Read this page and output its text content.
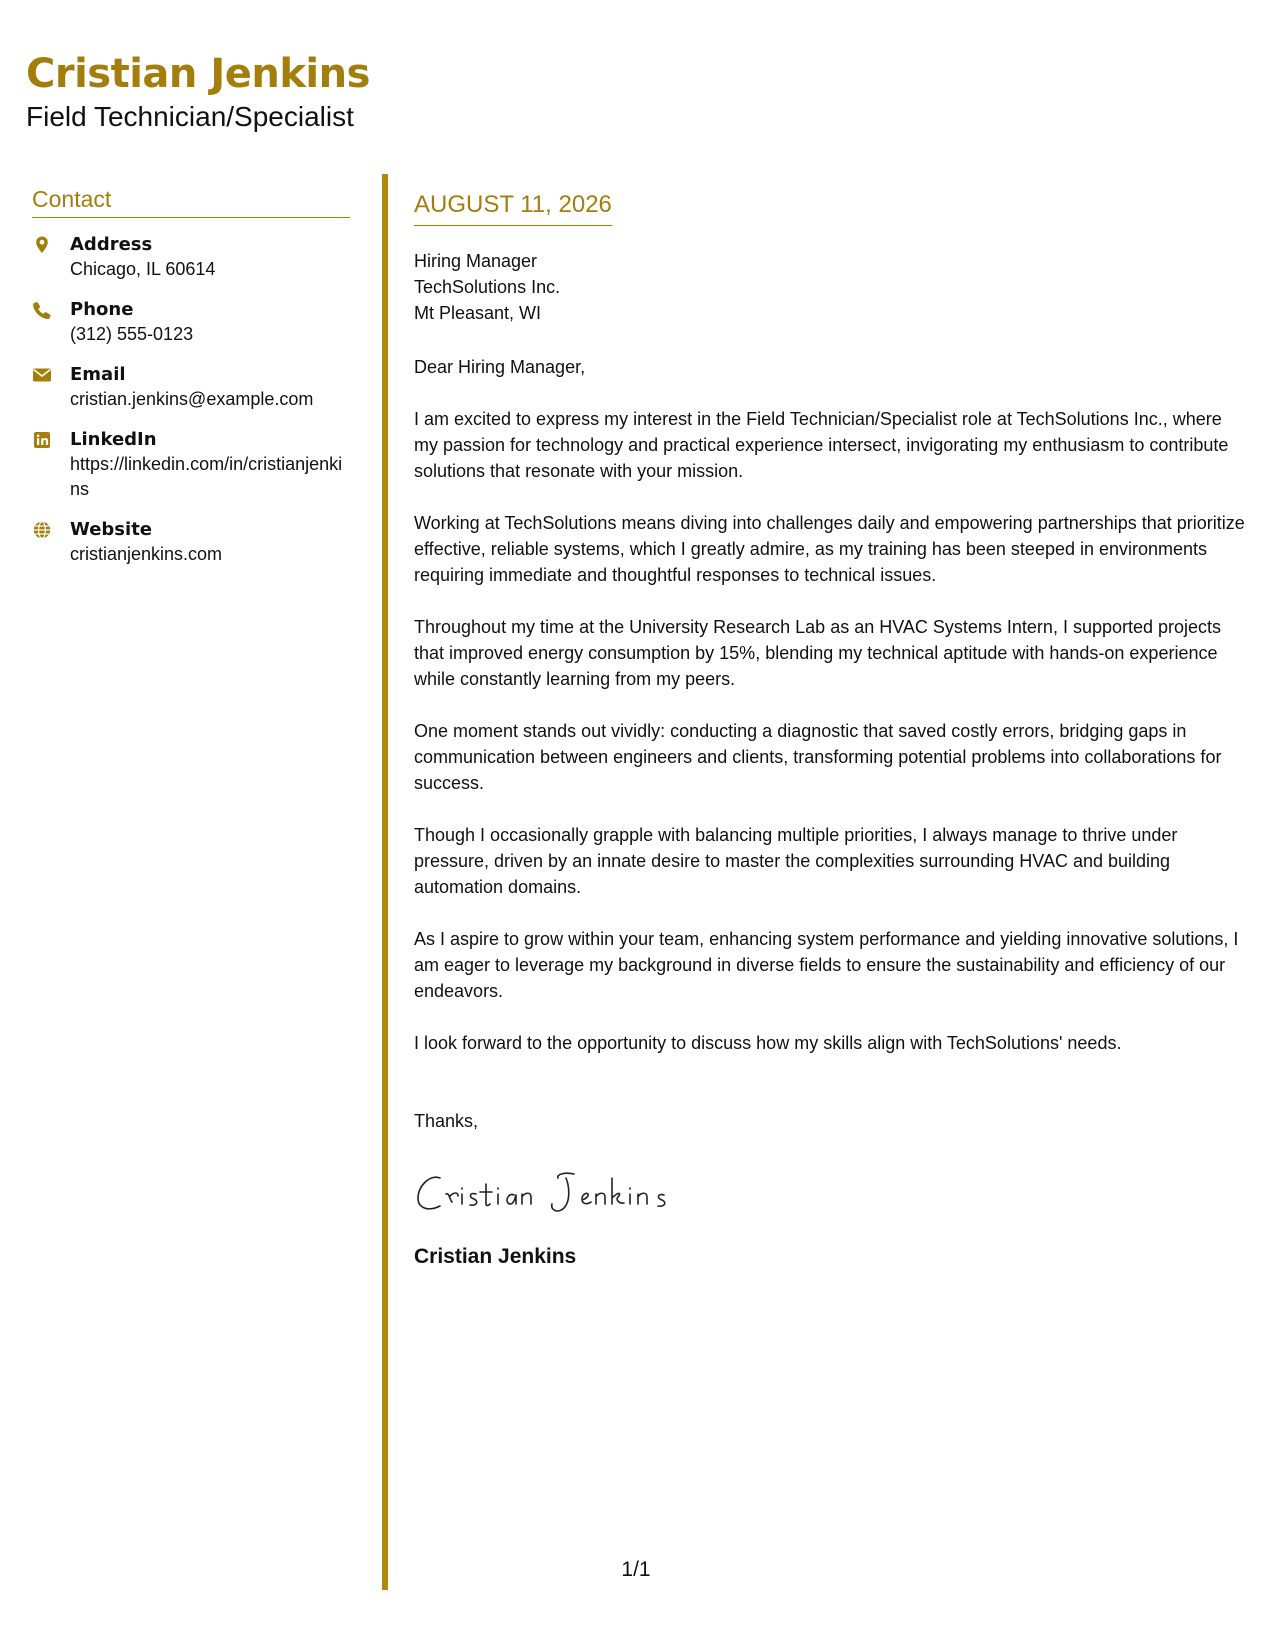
Cristian Jenkins
Field Technician/Specialist
Contact
Address
Chicago, IL 60614
Phone
(312) 555-0123
Email
cristian.jenkins@example.com
LinkedIn
https://linkedin.com/in/cristianjenkins
Website
cristianjenkins.com
AUGUST 11, 2026
Hiring Manager
TechSolutions Inc.
Mt Pleasant, WI
Dear Hiring Manager,
I am excited to express my interest in the Field Technician/Specialist role at TechSolutions Inc., where my passion for technology and practical experience intersect, invigorating my enthusiasm to contribute solutions that resonate with your mission.
Working at TechSolutions means diving into challenges daily and empowering partnerships that prioritize effective, reliable systems, which I greatly admire, as my training has been steeped in environments requiring immediate and thoughtful responses to technical issues.
Throughout my time at the University Research Lab as an HVAC Systems Intern, I supported projects that improved energy consumption by 15%, blending my technical aptitude with hands-on experience while constantly learning from my peers.
One moment stands out vividly: conducting a diagnostic that saved costly errors, bridging gaps in communication between engineers and clients, transforming potential problems into collaborations for success.
Though I occasionally grapple with balancing multiple priorities, I always manage to thrive under pressure, driven by an innate desire to master the complexities surrounding HVAC and building automation domains.
As I aspire to grow within your team, enhancing system performance and yielding innovative solutions, I am eager to leverage my background in diverse fields to ensure the sustainability and efficiency of our endeavors.
I look forward to the opportunity to discuss how my skills align with TechSolutions' needs.
Thanks,
Cristian Jenkins
1/1
